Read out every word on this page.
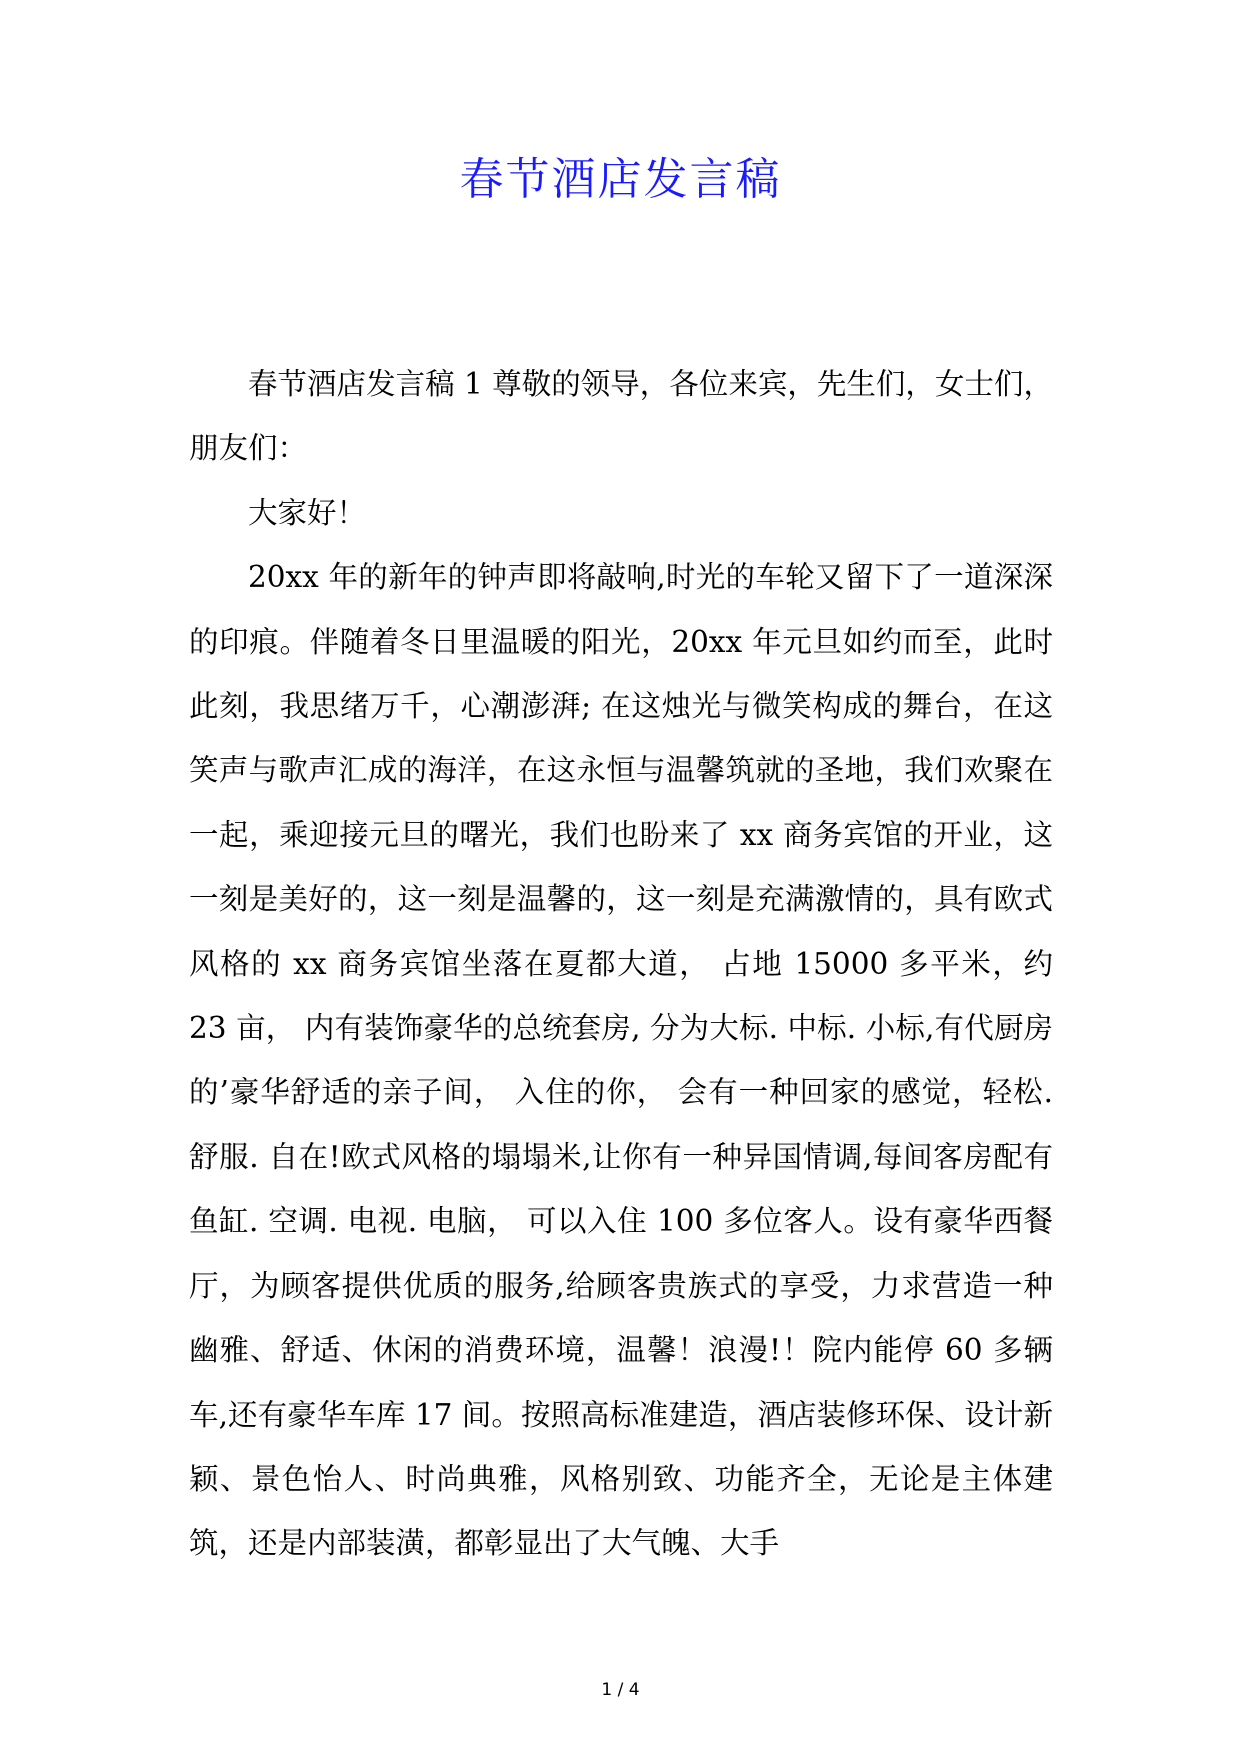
春节酒店发言稿

春节酒店发言稿 1 尊敬的领导，各位来宾，先生们，女士们，朋友们：

大家好！

20xx 年的新年的钟声即将敲响,时光的车轮又留下了一道深深的印痕。伴随着冬日里温暖的阳光，20xx 年元旦如约而至，此时此刻，我思绪万千，心潮澎湃; 在这烛光与微笑构成的舞台，在这笑声与歌声汇成的海洋，在这永恒与温馨筑就的圣地，我们欢聚在一起，乘迎接元旦的曙光，我们也盼来了 xx 商务宾馆的开业，这一刻是美好的，这一刻是温馨的，这一刻是充满激情的，具有欧式风格的 xx 商务宾馆坐落在夏都大道， 占地 15000 多平米，约 23 亩， 内有装饰豪华的总统套房, 分为大标. 中标. 小标,有代厨房的’豪华舒适的亲子间， 入住的你， 会有一种回家的感觉，轻松. 舒服. 自在!欧式风格的塌塌米,让你有一种异国情调,每间客房配有鱼缸. 空调. 电视. 电脑， 可以入住 100 多位客人。设有豪华西餐厅，为顾客提供优质的服务,给顾客贵族式的享受，力求营造一种幽雅、舒适、休闲的消费环境，温馨！浪漫!！院内能停 60 多辆车,还有豪华车库 17 间。按照高标准建造，酒店装修环保、设计新颖、景色怡人、时尚典雅，风格别致、功能齐全，无论是主体建筑，还是内部装潢，都彰显出了大气魄、大手

1 / 4
